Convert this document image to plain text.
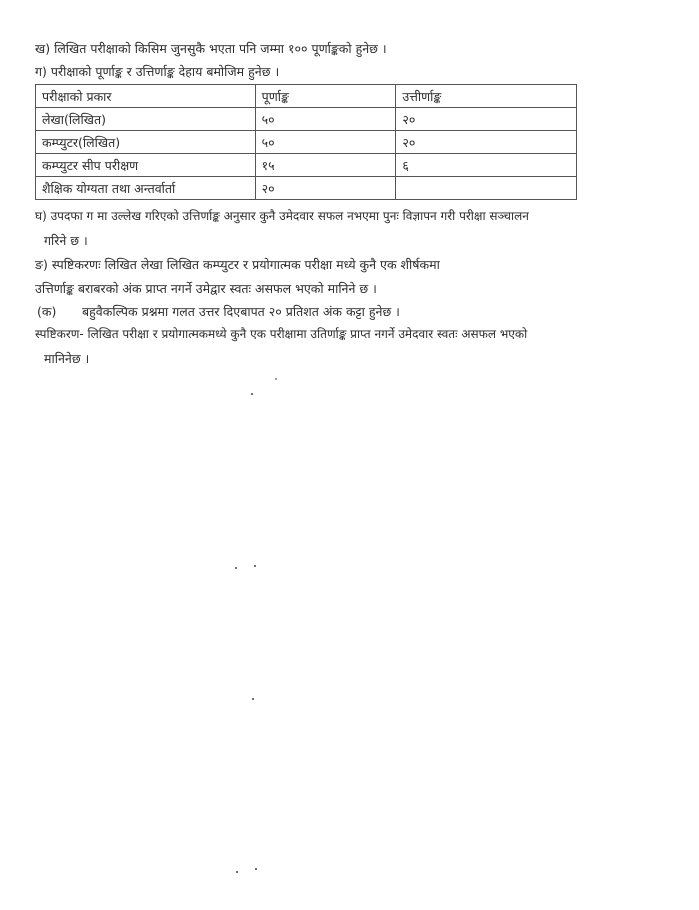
ख) लिखित परीक्षाको किसिम जुनसुकै भएता पनि जम्मा १०० पूर्णाङ्कको हुनेछ ।
ग) परीक्षाको पूर्णाङ्क र उत्तिर्णाङ्क देहाय बमोजिम हुनेछ ।
परीक्षाको प्रकार	पूर्णाङ्क	उत्तीर्णाङ्क
लेखा(लिखित)	५०	२०
कम्प्युटर(लिखित)	५०	२०
कम्प्युटर सीप परीक्षण	१५	६
शैक्षिक योग्यता तथा अन्तर्वार्ता	२०	
घ) उपदफा ग मा उल्लेख गरिएको उत्तिर्णाङ्क अनुसार कुनै उमेदवार सफल नभएमा पुनः विज्ञापन गरी परीक्षा सञ्चालन
गरिने छ ।
ङ) स्पष्टिकरणः लिखित लेखा लिखित कम्प्युटर र प्रयोगात्मक परीक्षा मध्ये कुनै एक शीर्षकमा
उत्तिर्णाङ्क बराबरको अंक प्राप्त नगर्ने उमेद्वार स्वतः असफल भएको मानिने छ ।
(क) बहुवैकल्पिक प्रश्नमा गलत उत्तर दिएबापत २० प्रतिशत अंक कट्टा हुनेछ ।
स्पष्टिकरण- लिखित परीक्षा र प्रयोगात्मकमध्ये कुनै एक परीक्षामा उतिर्णाङ्क प्राप्त नगर्ने उमेदवार स्वतः असफल भएको
मानिनेछ ।
